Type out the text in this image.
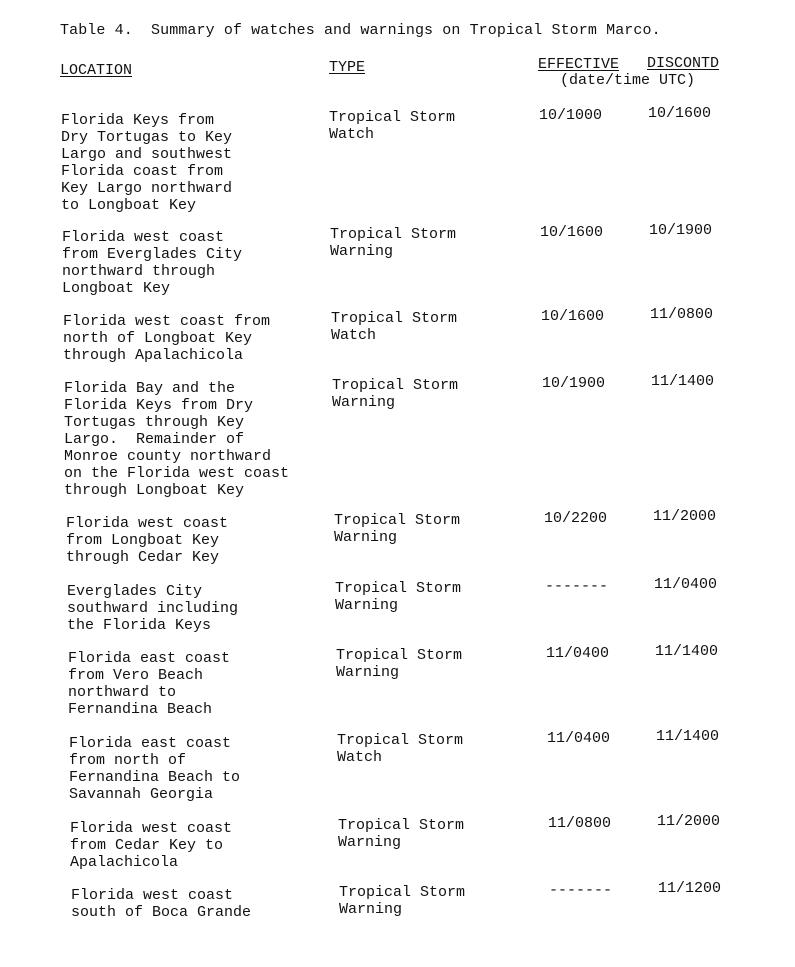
Table 4.  Summary of watches and warnings on Tropical Storm Marco.
LOCATION	TYPE	EFFECTIVE DISCONTD
(date/time UTC)
Florida Keys from
Dry Tortugas to Key
Largo and southwest
Florida coast from
Key Largo northward
to Longboat Key
Tropical Storm
Watch
10/1000	10/1600
Florida west coast
from Everglades City
northward through
Longboat Key
Tropical Storm
Warning
10/1600	10/1900
Florida west coast from
north of Longboat Key
through Apalachicola
Tropical Storm
Watch
10/1600	11/0800
Florida Bay and the
Florida Keys from Dry
Tortugas through Key
Largo.  Remainder of
Monroe county northward
on the Florida west coast
through Longboat Key
Tropical Storm
Warning
10/1900	11/1400
Florida west coast
from Longboat Key
through Cedar Key
Tropical Storm
Warning
10/2200	11/2000
Everglades City
southward including
the Florida Keys
Tropical Storm
Warning
-------	11/0400
Florida east coast
from Vero Beach
northward to
Fernandina Beach
Tropical Storm
Warning
11/0400	11/1400
Florida east coast
from north of
Fernandina Beach to
Savannah Georgia
Tropical Storm
Watch
11/0400	11/1400
Florida west coast
from Cedar Key to
Apalachicola
Tropical Storm
Warning
11/0800	11/2000
Florida west coast
south of Boca Grande
Tropical Storm
Warning
-------	11/1200
